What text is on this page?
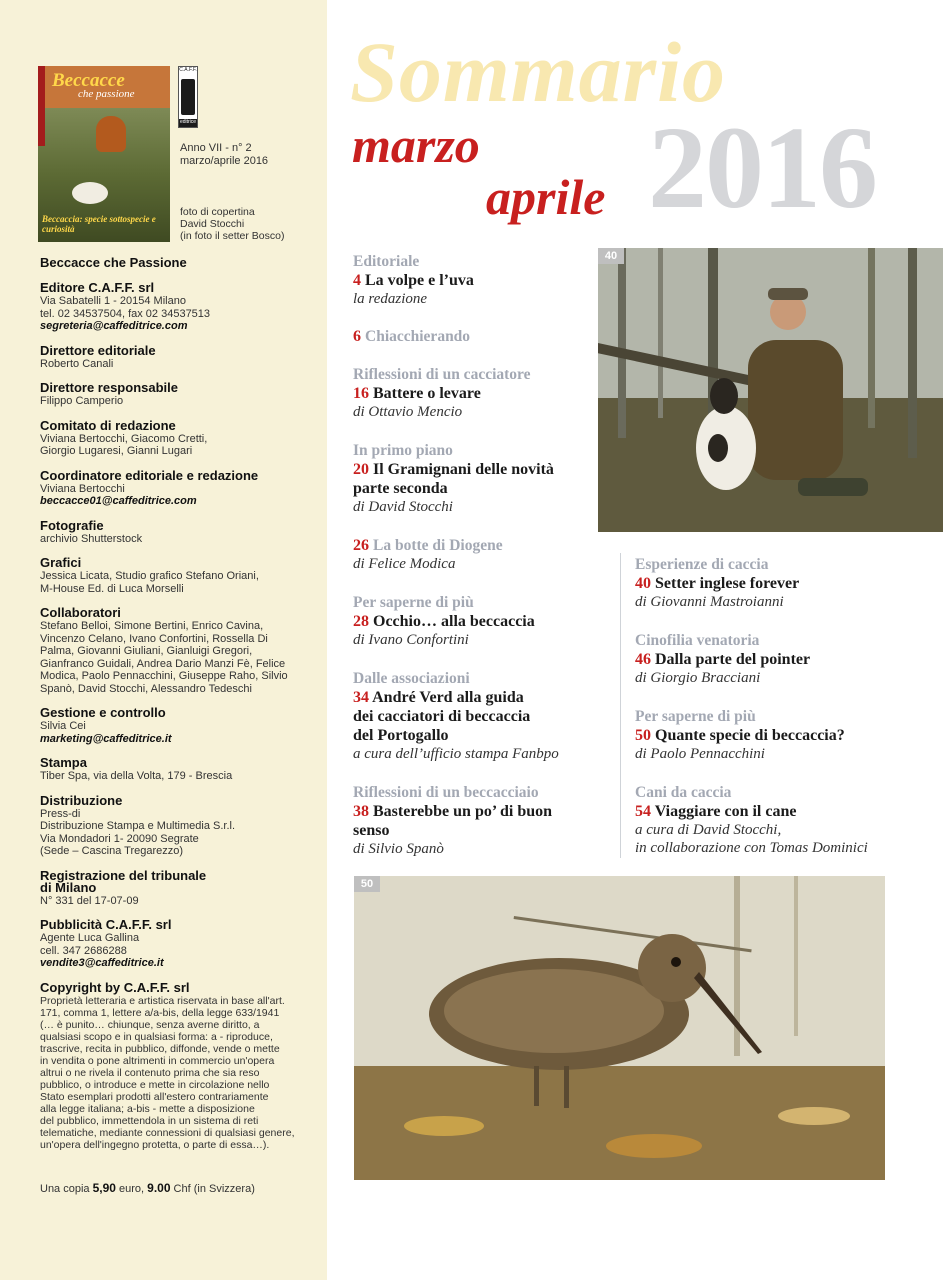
Beccacce
che passione
Beccaccia: specie sottospecie e curiosità
C.A.F.F.
editrice
Anno VII - n° 2
marzo/aprile 2016
foto di copertina
David Stocchi
(in foto il setter Bosco)
Beccacce che Passione
Editore C.A.F.F. srl
Via Sabatelli 1 - 20154 Milano
tel. 02 34537504, fax 02 34537513
segreteria@caffeditrice.com
Direttore editoriale
Roberto Canali
Direttore responsabile
Filippo Camperio
Comitato di redazione
Viviana Bertocchi, Giacomo Cretti,
Giorgio Lugaresi, Gianni Lugari
Coordinatore editoriale e redazione
Viviana Bertocchi
beccacce01@caffeditrice.com
Fotografie
archivio Shutterstock
Grafici
Jessica Licata, Studio grafico Stefano Oriani,
M-House Ed. di Luca Morselli
Collaboratori
Stefano Belloi, Simone Bertini, Enrico Cavina,
Vincenzo Celano, Ivano Confortini, Rossella Di
Palma, Giovanni Giuliani, Gianluigi Gregori,
Gianfranco Guidali, Andrea Dario Manzi Fè, Felice
Modica, Paolo Pennacchini, Giuseppe Raho, Silvio
Spanò, David Stocchi, Alessandro Tedeschi
Gestione e controllo
Silvia Cei
marketing@caffeditrice.it
Stampa
Tiber Spa, via della Volta, 179 - Brescia
Distribuzione
Press-di
Distribuzione Stampa e Multimedia S.r.l.
Via Mondadori 1- 20090 Segrate
(Sede – Cascina Tregarezzo)
Registrazione del tribunale
di Milano
N° 331 del 17-07-09
Pubblicità C.A.F.F. srl
Agente Luca Gallina
cell. 347 2686288
vendite3@caffeditrice.it
Copyright by C.A.F.F. srl
Proprietà letteraria e artistica riservata in base all'art.
171, comma 1, lettere a/a-bis, della legge 633/1941
(… è punito… chiunque, senza averne diritto, a
qualsiasi scopo e in qualsiasi forma: a - riproduce,
trascrive, recita in pubblico, diffonde, vende o mette
in vendita o pone altrimenti in commercio un'opera
altrui o ne rivela il contenuto prima che sia reso
pubblico, o introduce e mette in circolazione nello
Stato esemplari prodotti all'estero contrariamente
alla legge italiana; a-bis - mette a disposizione
del pubblico, immettendola in un sistema di reti
telematiche, mediante connessioni di qualsiasi genere,
un'opera dell'ingegno protetta, o parte di essa…).
Una copia 5,90 euro, 9.00 Chf (in Svizzera)
Sommario
2016
marzo
aprile
Editoriale
4 La volpe e l’uva
la redazione
6 Chiacchierando
Riflessioni di un cacciatore
16 Battere o levare
di Ottavio Mencio
In primo piano
20 Il Gramignani delle novità
parte seconda
di David Stocchi
26 La botte di Diogene
di Felice Modica
Per saperne di più
28 Occhio… alla beccaccia
di Ivano Confortini
Dalle associazioni
34 André Verd alla guida
dei cacciatori di beccaccia
del Portogallo
a cura dell’ufficio stampa Fanbpo
Riflessioni di un beccacciaio
38 Basterebbe un po’ di buon
senso
di Silvio Spanò
Esperienze di caccia
40 Setter inglese forever
di Giovanni Mastroianni
Cinofilia venatoria
46 Dalla parte del pointer
di Giorgio Bracciani
Per saperne di più
50 Quante specie di beccaccia?
di Paolo Pennacchini
Cani da caccia
54 Viaggiare con il cane
a cura di David Stocchi,
in collaborazione con Tomas Dominici
40
50
